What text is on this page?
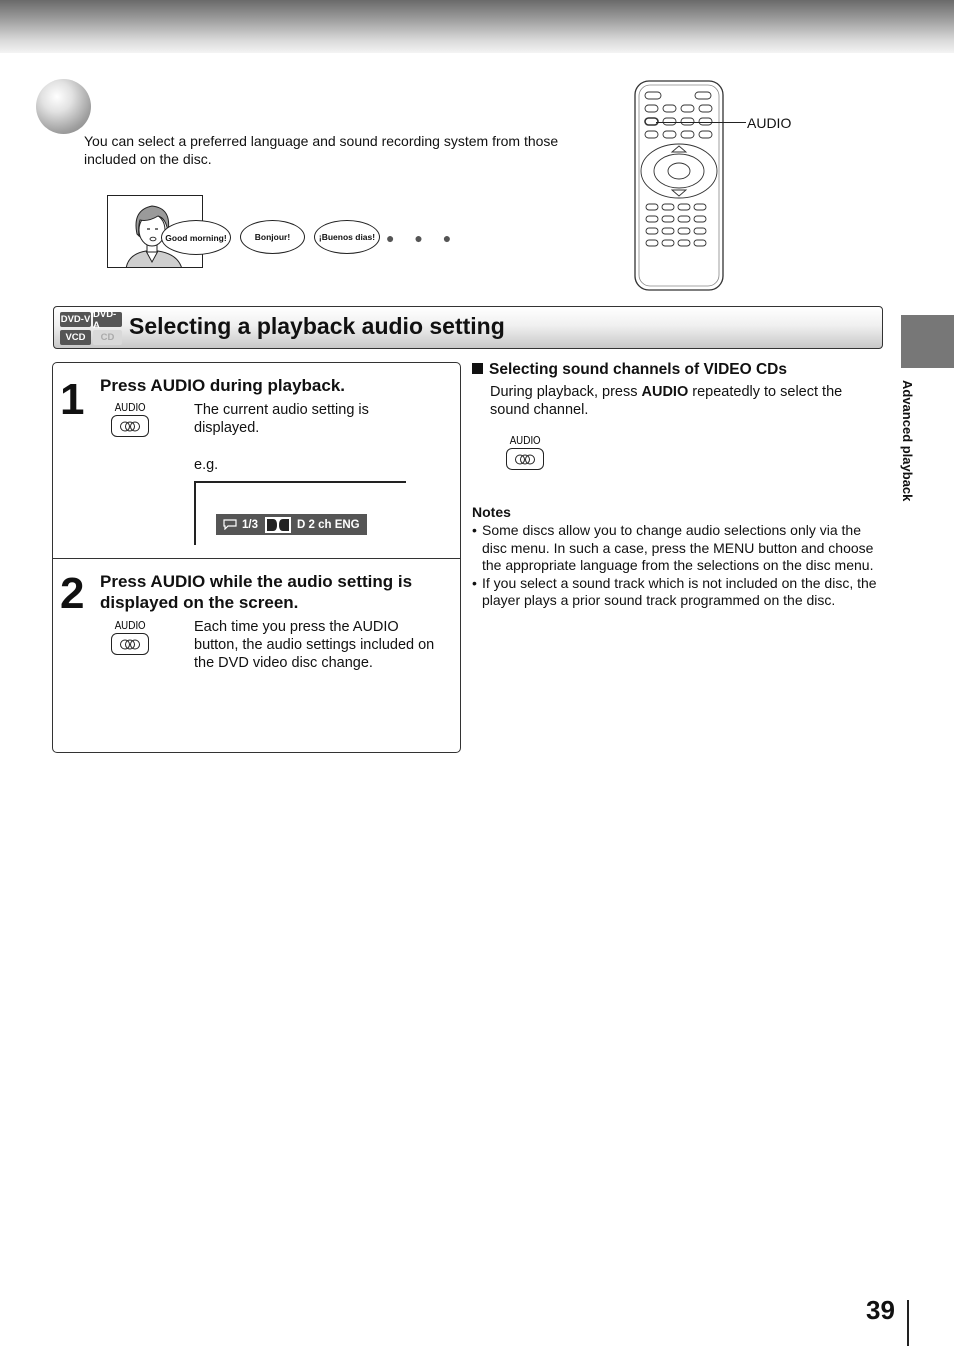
You can select a preferred language and sound recording system from those included on the disc.

Good morning!	Bonjour!	¡Buenos dias! ● ● ●
AUDIO
DVD-V DVD-A
VCD	CD Selecting a playback audio setting
Advanced playback
1 Press AUDIO during playback.
AUDIO	The current audio setting is displayed.

e.g.

1/3	D 2 ch ENG
2 Press AUDIO while the audio setting is displayed on the screen.
AUDIO	Each time you press the AUDIO button, the audio settings included on the DVD video disc change.

Selecting sound channels of VIDEO CDs

During playback, press AUDIO repeatedly to select the sound channel.

AUDIO
Notes
• Some discs allow you to change audio selections only via the disc menu. In such a case, press the MENU button and choose the appropriate language from the selections on the disc menu.
• If you select a sound track which is not included on the disc, the player plays a prior sound track programmed on the disc.
39
